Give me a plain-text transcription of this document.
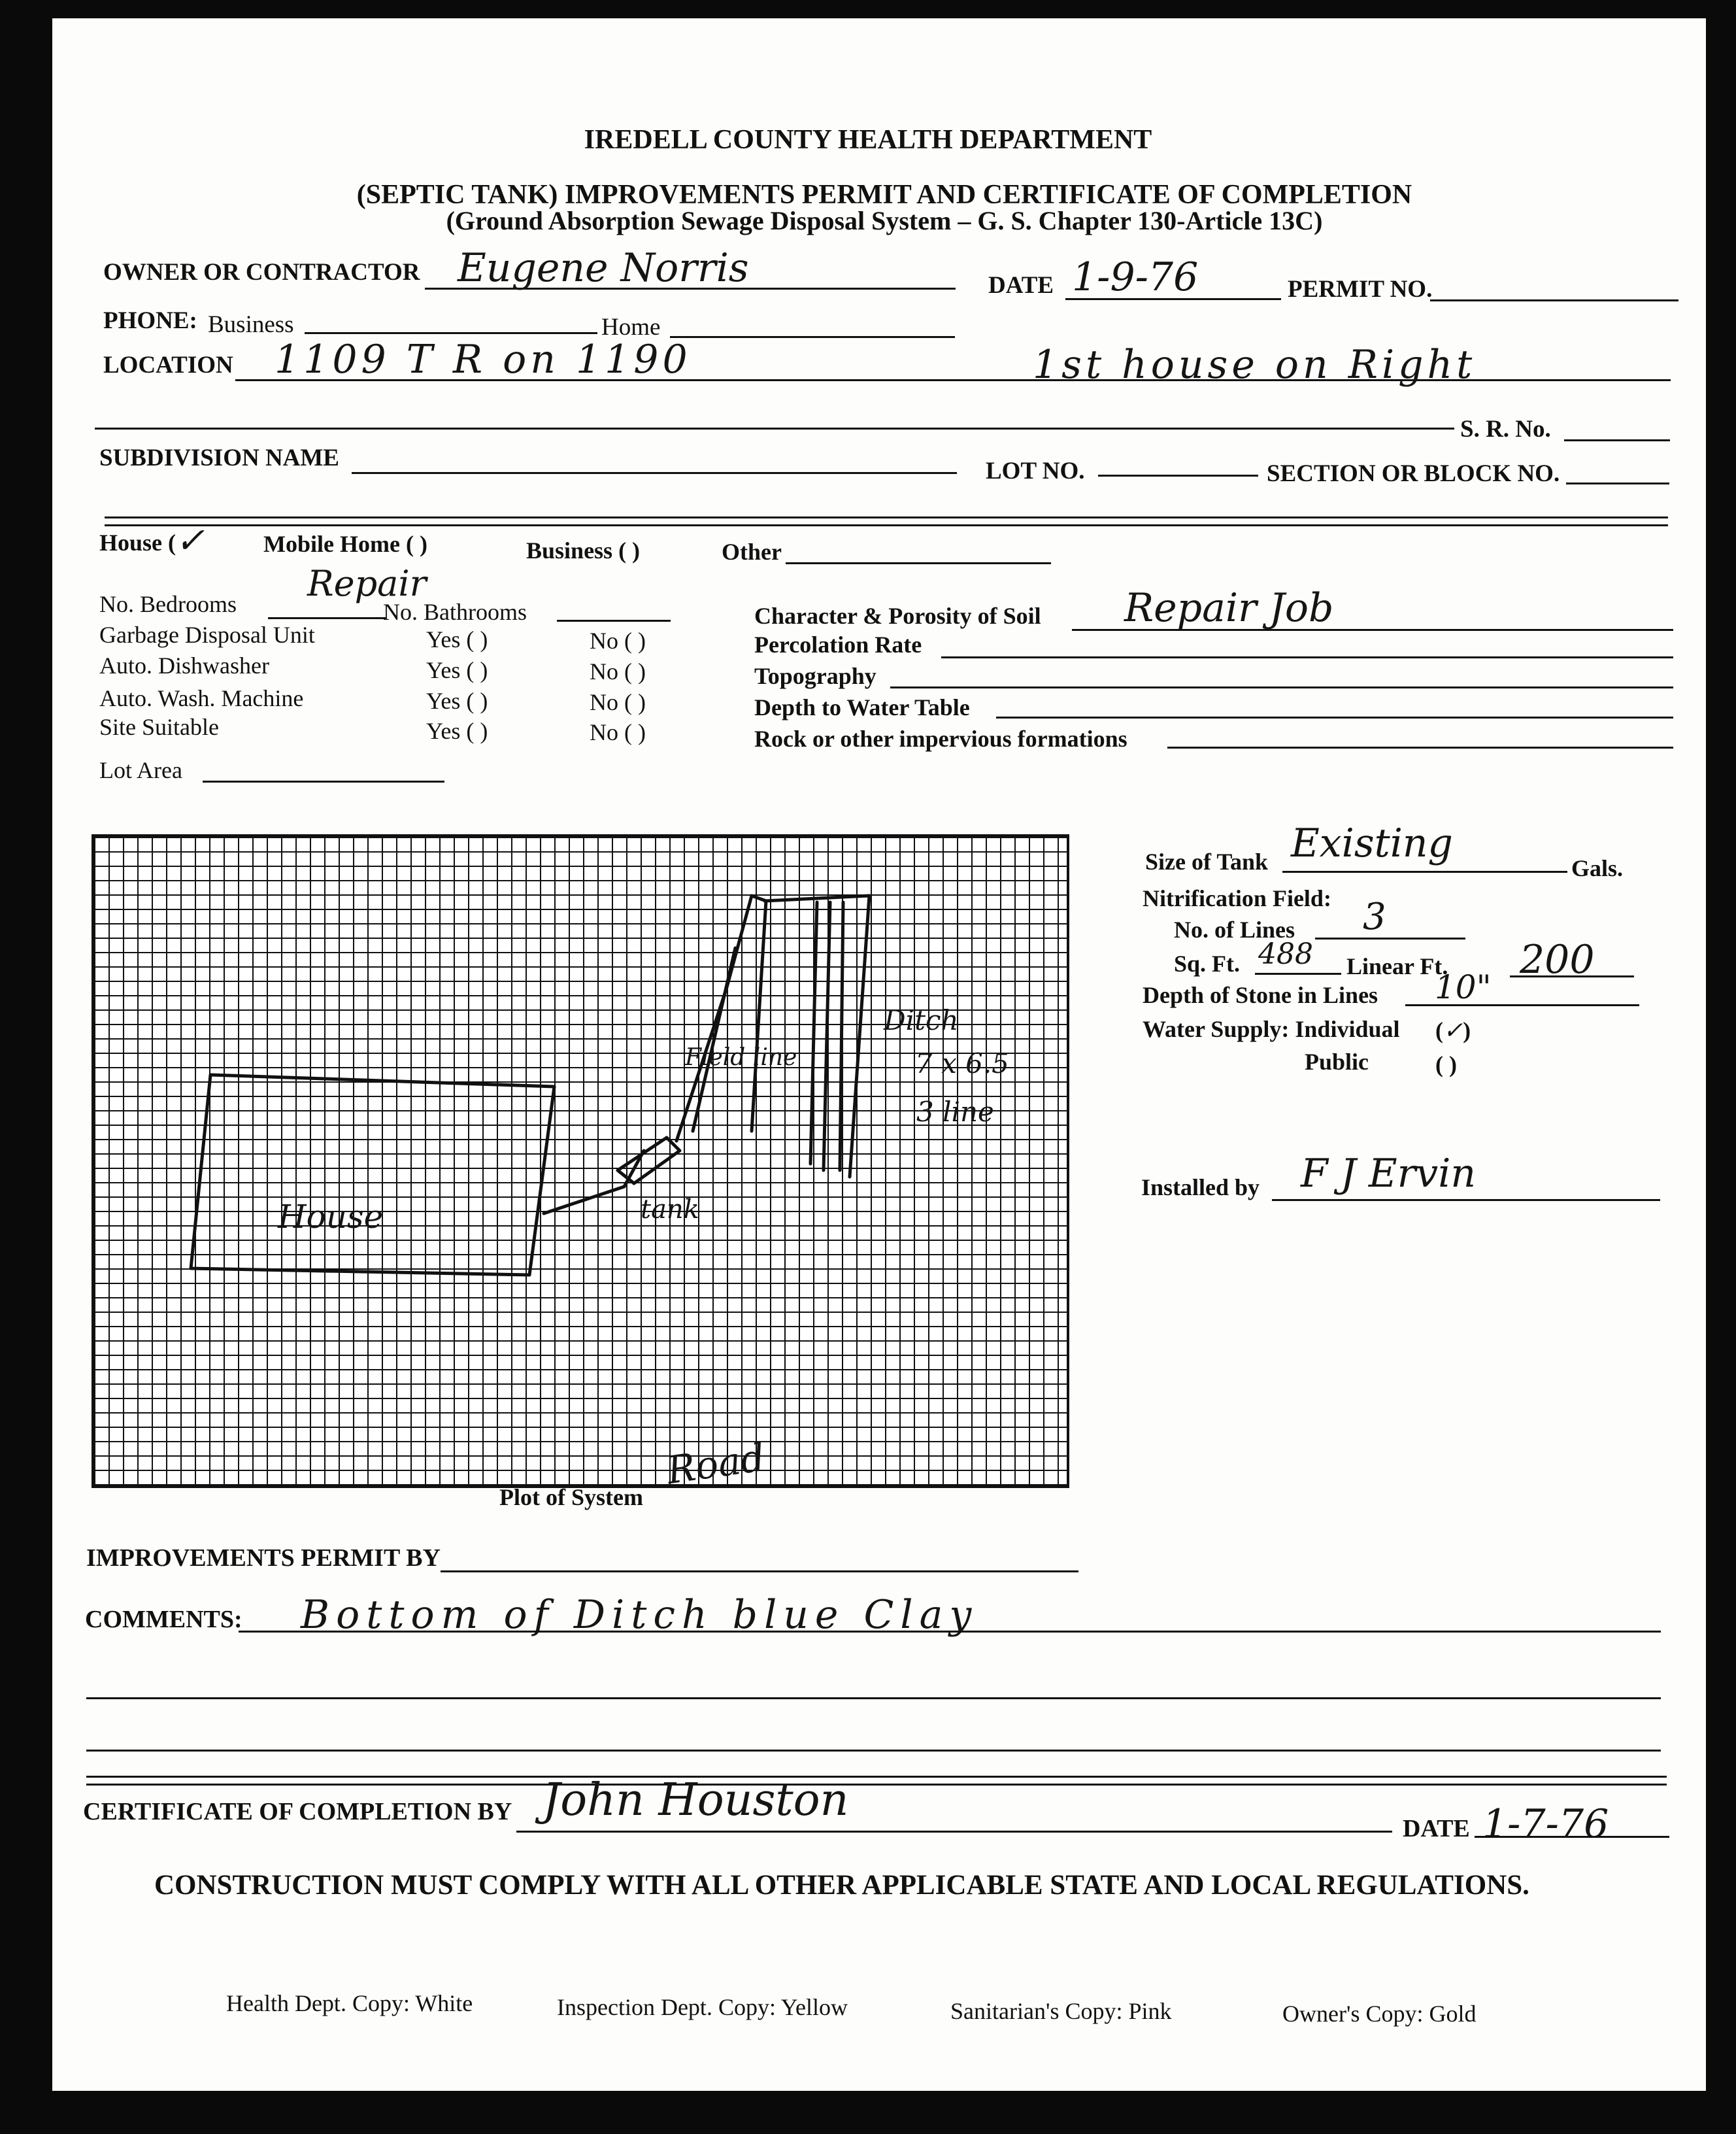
IREDELL COUNTY HEALTH DEPARTMENT
(SEPTIC TANK) IMPROVEMENTS PERMIT AND CERTIFICATE OF COMPLETION
(Ground Absorption Sewage Disposal System – G. S. Chapter 130-Article 13C)
OWNER OR CONTRACTOR Eugene Norris	DATE 1-9-76	PERMIT NO.
PHONE: Business	Home
LOCATION 1109 T R on 1190	1st house on Right
S. R. No.
SUBDIVISION NAME	LOT NO.	SECTION OR BLOCK NO.
House ( ✓ Mobile Home ( )	Business ( )	Other
No. Bedrooms Repair
No. Bathrooms
Garbage Disposal Unit	Yes ( )	No ( )
Auto. Dishwasher	Yes ( )	No ( )
Auto. Wash. Machine	Yes ( )	No ( )
Site Suitable	Yes ( )	No ( )
Lot Area
Character & Porosity of Soil Repair Job
Percolation Rate
Topography
Depth to Water Table
Rock or other impervious formations
House	tank
Field line
Ditch
7 x 6.5
3 line
Road
Plot of System
Size of Tank Existing
Gals.
Nitrification Field:
No. of Lines 3
Sq. Ft. 488 Linear Ft. 200
Depth of Stone in Lines 10"
Water Supply: Individual (✓)
Public	( )
Installed by F J Ervin
IMPROVEMENTS PERMIT BY
COMMENTS: Bottom of Ditch blue Clay
CERTIFICATE OF COMPLETION BY John Houston
DATE 1-7-76
CONSTRUCTION MUST COMPLY WITH ALL OTHER APPLICABLE STATE AND LOCAL REGULATIONS.
Health Dept. Copy: White	Inspection Dept. Copy: Yellow	Sanitarian's Copy: Pink	Owner's Copy: Gold
